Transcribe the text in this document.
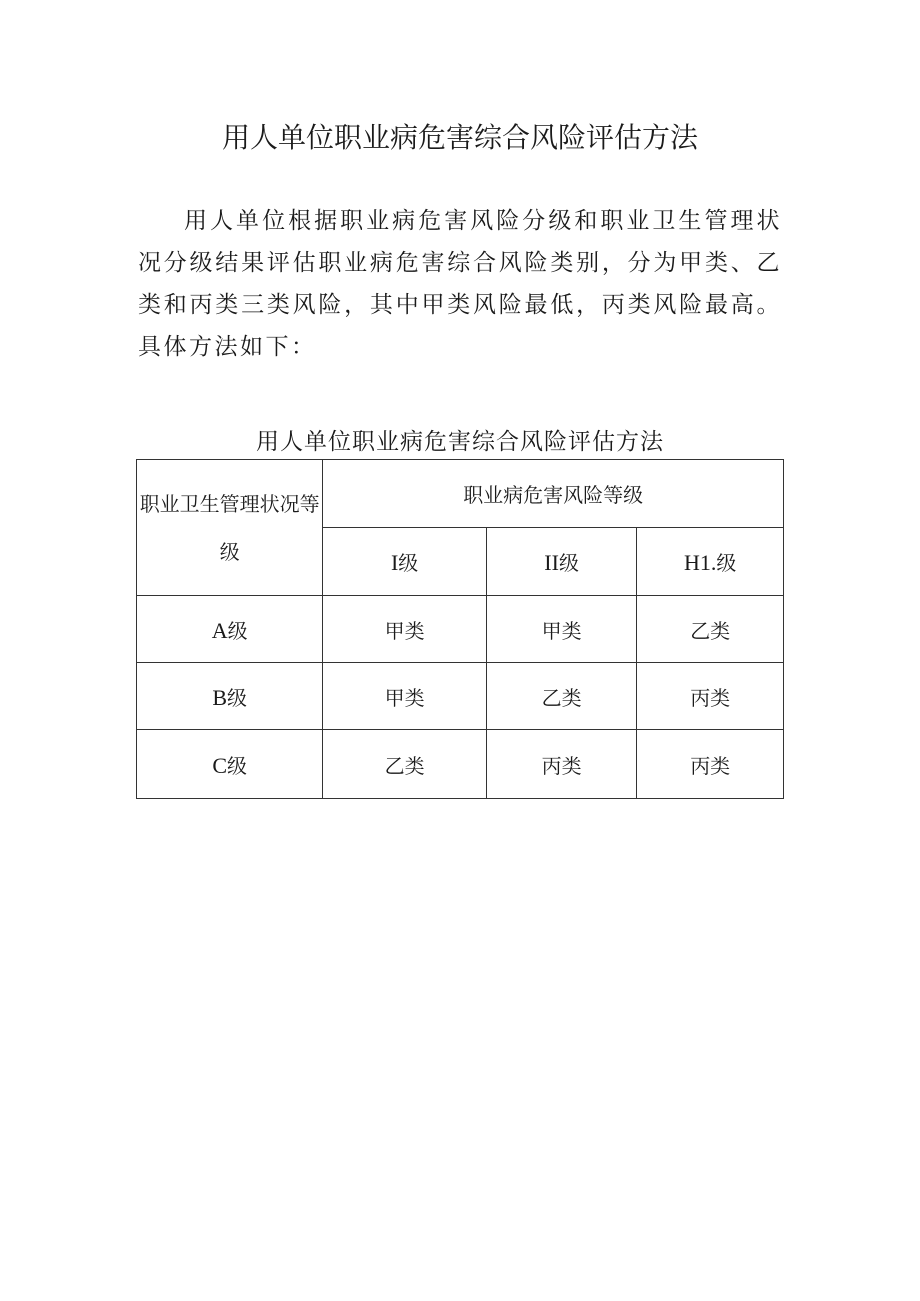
用人单位职业病危害综合风险评估方法

用人单位根据职业病危害风险分级和职业卫生管理状况分级结果评估职业病危害综合风险类别，分为甲类、乙类和丙类三类风险，其中甲类风险最低，丙类风险最高。具体方法如下：

用人单位职业病危害综合风险评估方法

职业卫生管理状况等级	职业病危害风险等级		
	I级	II级	H1.级
A级	甲类	甲类	乙类
B级	甲类	乙类	丙类
C级	乙类	丙类	丙类
